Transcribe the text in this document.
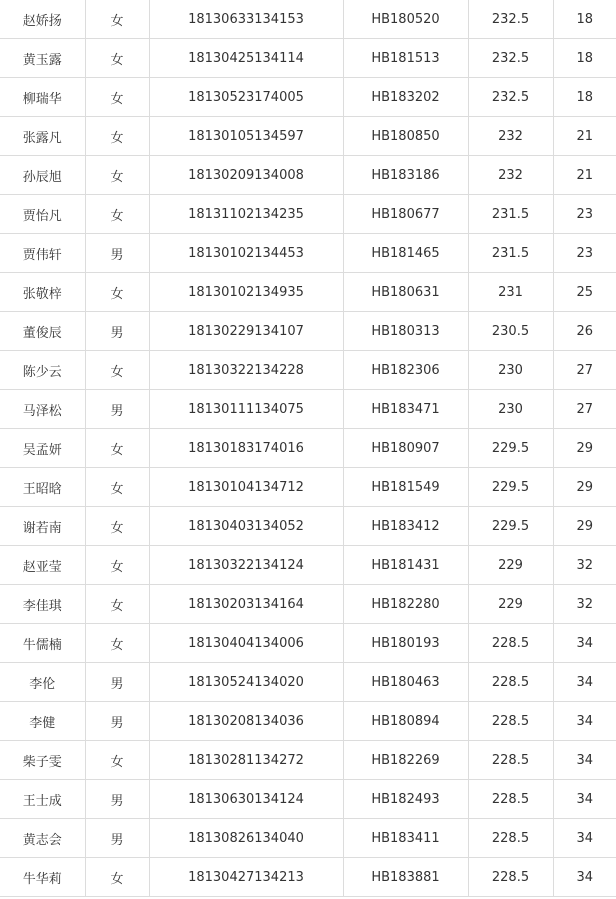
赵娇扬	女	18130633134153	HB180520	232.5	18
黄玉露	女	18130425134114	HB181513	232.5	18
柳瑞华	女	18130523174005	HB183202	232.5	18
张露凡	女	18130105134597	HB180850	232	21
孙辰旭	女	18130209134008	HB183186	232	21
贾怡凡	女	18131102134235	HB180677	231.5	23
贾伟轩	男	18130102134453	HB181465	231.5	23
张敬梓	女	18130102134935	HB180631	231	25
董俊辰	男	18130229134107	HB180313	230.5	26
陈少云	女	18130322134228	HB182306	230	27
马泽松	男	18130111134075	HB183471	230	27
吴孟妍	女	18130183174016	HB180907	229.5	29
王昭晗	女	18130104134712	HB181549	229.5	29
谢若南	女	18130403134052	HB183412	229.5	29
赵亚莹	女	18130322134124	HB181431	229	32
李佳琪	女	18130203134164	HB182280	229	32
牛儒楠	女	18130404134006	HB180193	228.5	34
李伦	男	18130524134020	HB180463	228.5	34
李健	男	18130208134036	HB180894	228.5	34
柴子雯	女	18130281134272	HB182269	228.5	34
王士成	男	18130630134124	HB182493	228.5	34
黄志会	男	18130826134040	HB183411	228.5	34
牛华莉	女	18130427134213	HB183881	228.5	34
